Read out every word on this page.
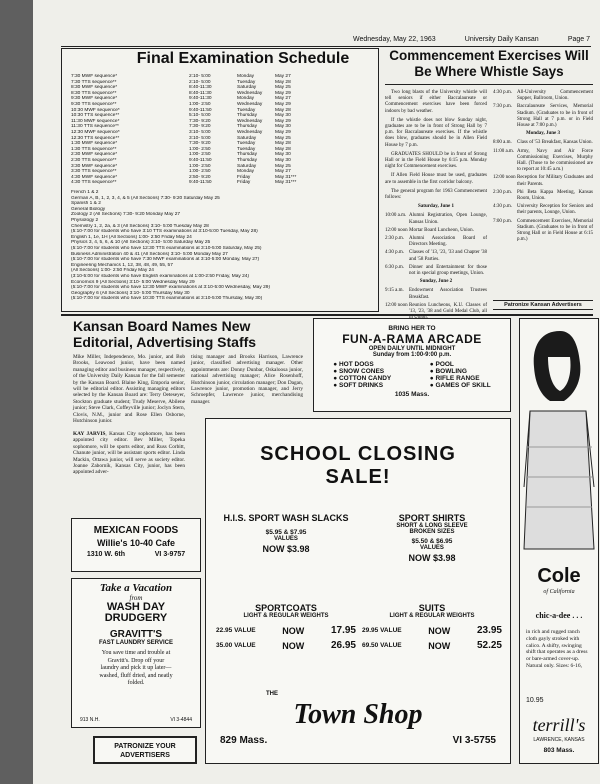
Wednesday, May 22, 1963	University Daily Kansan	Page 7
Final Examination Schedule
7:30 MWF sequence*	2:10- 5:00	Monday	May 27
7:30 TTS sequence**	2:10- 5:00	Tuesday	May 28
8:30 MWF sequence*	8:40-11:30	Saturday	May 25
8:30 TTS sequence**	8:40-11:30	Wednesday	May 29
9:30 MWF sequence*	9:40-11:30	Monday	May 27
9:30 TTS sequence**	1:00- 2:50	Wednesday	May 29
10:30 MWF sequence*	9:40-11:50	Tuesday	May 28
10:30 TTS sequence**	5:10- 5:00	Thursday	May 30
11:30 MWF sequence*	7:30- 9:20	Wednesday	May 29
11:30 TTS sequence**	7:30- 9:20	Thursday	May 30
12:30 MWF sequence*	3:10- 5:00	Wednesday	May 29
12:30 TTS sequence**	3:10- 5:00	Saturday	May 25
1:30 MWF sequence*	7:30- 9:20	Tuesday	May 28
1:30 TTS sequence**	1:00- 2:50	Tuesday	May 28
2:30 MWF sequence*	1:00- 2:50	Thursday	May 30
2:30 TTS sequence**	9:40-11:50	Thursday	May 30
3:30 MWF sequence*	1:00- 2:50	Saturday	May 25
3:30 TTS sequence**	1:00- 2:50	Monday	May 27
4:30 MWF sequence*	2:50- 9:20	Friday	May 31***
4:30 TTS sequence**	9:40-11:50	Friday	May 31***
French 1 & 2
German A, B, 1, 2, 3, 4, & 5 (All Sections) 7:30- 9:20 Saturday May 25
Spanish 1 & 2
General Biology
Zoology 2 (All Sections) 7:30- 9:20 Monday May 27
Physiology 2
Chemistry 1, 2, 2a, & 3 (All Sections) 3:10- 5:00 Tuesday May 28
(5:10-7:00 for students who have 3:10 TTS examinations at 3:10-5:00 Tuesday, May 28)
English 1, 1e, 1H (All Sections) 1:00- 2:50 Friday May 24
Physics 3, 4, 5, 6, & 10 (All Sections) 3:10- 5:00 Saturday May 25
(5:10-7:00 for students who have 12:30 TTS examinations at 3:10-5:00 Saturday, May 25)
Business Administration 40 & 41 (All Sections) 3:10- 5:00 Monday May 27
(5:10-7:00 for students who have 7:30 MWF examinations at 3:10-5:00 Monday, May 27)
Engineering Mechanics 1, 12, 38, 48, 49, 55, 57
(All Sections) 1:00- 2:50 Friday May 24
(3:10-5:00 for students who have English examinations at 1:00-2:50 Friday, May 24)
Economics 9 (All Sections) 3:10- 5:00 Wednesday May 29
(5:10-7:00 for students who have 12:30 MWF examinations at 3:10-5:00 Wednesday, May 29)
Geography 6 (All Sections) 3:10- 5:00 Thursday May 30
(5:10-7:00 for students who have 10:30 TTS examinations at 3:10-5:00 Thursday, May 30)
Commencement Exercises Will Be Where Whistle Says
Two long blasts of the University whistle will tell seniors if either Baccalaureate or Commencement exercises have been forced indoors by bad weather.
If the whistle does not blow Sunday night, graduates are to be in front of Strong Hall by 7 p.m. for Baccalaureate exercises. If the whistle does blow, graduates should be in Allen Field House by 7 p.m.
GRADUATES SHOULD be in front of Strong Hall or in the Field House by 6:15 p.m. Monday night for Commencement exercises.
If Allen Field House must be used, graduates are to assemble in the first corridor balcony.
The general program for 1963 Commencement follows:
Saturday, June 1
10:00 a.m. Alumni Registration, Open Lounge, Kansas Union.
12:00 noon Mortar Board Luncheon, Union.
2:30 p.m. Alumni Association Board of Directors Meeting.
4:30 p.m. Classes of '13, '23, '33 and Chapter '38 and '58 Parties.
6:30 p.m. Dinner and Entertainment for those not in special group meetings, Union.
Sunday, June 2
9:15 a.m.	Endowment Association Trustees Breakfast.
12:00 noon Reunion Luncheons, K.U. Classes of '13, '23, '38 and Gold Medal Club, all
4:30 p.m. All-University Commencement Supper, Ballroom, Union.
7:30 p.m. Baccalaureate Services, Memorial Stadium. (Graduates to be in front of Strong Hall at 7 p.m. or in Field House at 7:00 p.m.)
Monday, June 3
8:00 a.m.	Class of '53 Breakfast, Kansas Union.
11:00 a.m. Army, Navy and Air Force Commissioning Exercises, Murphy Hall. (Those to be commissioned are to report at 10:45 a.m.)
12:00 noon Reception for Military Graduates and their Parents.
2:30 p.m. Phi Beta Kappa Meeting, Kansas Room, Union.
4:30 p.m. University Reception for Seniors and their parents, Lounge, Union.
7:00 p.m. Commencement Exercises, Memorial Stadium. (Graduates to be in front of Strong Hall or in Field House at 6:15 p.m.)
Patronize Kansan Advertisers
Kansan Board Names New Editorial, Advertising Staffs
Mike Miller, Independence, Mo. junior, and Bob Brooks, Leawood junior, have been named managing editor and business manager, respectively, of the University Daily Kansan for the fall semester by the Kansan Board. Blaine King, Emporia senior, will be editorial editor. Assisting managing editors selected by the Kansan Board are: Terry Oeteseyer, Stockton graduate student; Trudy Meserve, Abilene junior; Steve Clark, Coffeyville junior; Joclyn Stern, Clovis, N.M., junior and Rose Ellen Osborne, Hutchinson junior.

KAY JARVIS, Kansas City sophomore, has been appointed city editor. Bev Miller, Topeka sophomore, will be sports editor, and Russ Corbitt, Chanute junior, will be assistant sports editor. Linda Mackin, Ottawa junior, will serve as society editor. Joanne Zaborník, Kansas City, junior, has been appointed adver-
tising manager and Brooks Harrison, Lawrence junior, classified advertising manager. Other appointments are: Donny Dunbar, Oskaloosa junior, national advertising manager; Alice Rosenhoff, Hutchinson junior, circulation manager; Don Dagan, Lawrence junior, promotion manager, and Jerry Schroepfer, Lawrence junior, merchandising manager.
BRING HER TO
FUN-A-RAMA ARCADE
OPEN DAILY UNTIL MIDNIGHT
Sunday from 1:00-9:00 p.m.
● HOT DOGS
● SNOW CONES
● COTTON CANDY
● SOFT DRINKS
● POOL
● BOWLING
● RIFLE RANGE
● GAMES OF SKILL
1035 Mass.
MEXICAN FOODS
Willie's 10-40 Cafe
1310 W. 6th	VI 3-9757
Take a Vacation
from
WASH DAY
DRUDGERY
GRAVITT'S
FAST LAUNDRY SERVICE
You save time and trouble at Gravitt's. Drop off your laundry and pick it up later—washed, fluff dried, and neatly folded.
913 N.H.	VI 3-4844
PATRONIZE YOUR ADVERTISERS
SCHOOL CLOSING
SALE!
H.I.S. SPORT WASH SLACKS
$5.95 & $7.95
VALUES
NOW $3.98
SPORT SHIRTS
SHORT & LONG SLEEVE
BROKEN SIZES
$5.50 & $6.95
VALUES
NOW $3.98
SPORTCOATS
LIGHT & REGULAR WEIGHTS
22.95 VALUE	NOW	17.95
35.00 VALUE	NOW	26.95
SUITS
LIGHT & REGULAR WEIGHTS
29.95 VALUE	NOW	23.95
69.50 VALUE	NOW	52.25
THE
Town Shop
829 Mass.	VI 3-5755
Cole
of California
chic-a-dee . . .
in rich and rugged ranch cloth gayly stroked with calico. A shifty, swinging shift that operates as a dress or bare-armed cover-up. Natural only. Sizes: 6-16,
10.95
terrill's
LAWRENCE, KANSAS
803 Mass.
